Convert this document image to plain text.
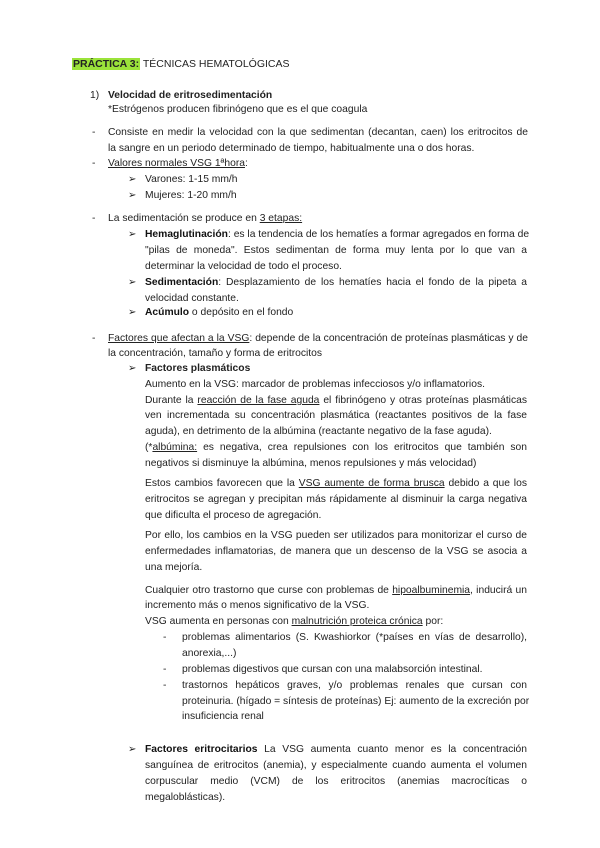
PRÁCTICA 3: TÉCNICAS HEMATOLÓGICAS
1) Velocidad de eritrosedimentación
*Estrógenos producen fibrinógeno que es el que coagula
- Consiste en medir la velocidad con la que sedimentan (decantan, caen) los eritrocitos de
la sangre en un periodo determinado de tiempo, habitualmente una o dos horas.
- Valores normales VSG 1ªhora:
➢ Varones: 1-15 mm/h
➢ Mujeres: 1-20 mm/h
- La sedimentación se produce en 3 etapas:
➢ Hemaglutinación: es la tendencia de los hematíes a formar agregados en forma de
"pilas de moneda". Estos sedimentan de forma muy lenta por lo que van a
determinar la velocidad de todo el proceso.
➢ Sedimentación: Desplazamiento de los hematíes hacia el fondo de la pipeta a
velocidad constante.
➢ Acúmulo o depósito en el fondo
- Factores que afectan a la VSG: depende de la concentración de proteínas plasmáticas y de
la concentración, tamaño y forma de eritrocitos
➢ Factores plasmáticos
Aumento en la VSG: marcador de problemas infecciosos y/o inflamatorios.
Durante la reacción de la fase aguda el fibrinógeno y otras proteínas plasmáticas
ven incrementada su concentración plasmática (reactantes positivos de la fase
aguda), en detrimento de la albúmina (reactante negativo de la fase aguda).
(*albúmina: es negativa, crea repulsiones con los eritrocitos que también son
negativos si disminuye la albúmina, menos repulsiones y más velocidad)
Estos cambios favorecen que la VSG aumente de forma brusca debido a que los
eritrocitos se agregan y precipitan más rápidamente al disminuir la carga negativa
que dificulta el proceso de agregación.
Por ello, los cambios en la VSG pueden ser utilizados para monitorizar el curso de
enfermedades inflamatorias, de manera que un descenso de la VSG se asocia a
una mejoría.
Cualquier otro trastorno que curse con problemas de hipoalbuminemia, inducirá un
incremento más o menos significativo de la VSG.
VSG aumenta en personas con malnutrición proteica crónica por:
- problemas alimentarios (S. Kwashiorkor (*países en vías de desarrollo),
anorexia,...)
- problemas digestivos que cursan con una malabsorción intestinal.
- trastornos hepáticos graves, y/o problemas renales que cursan con
proteinuria. (hígado = síntesis de proteínas) Ej: aumento de la excreción por
insuficiencia renal
➢ Factores eritrocitarios La VSG aumenta cuanto menor es la concentración
sanguínea de eritrocitos (anemia), y especialmente cuando aumenta el volumen
corpuscular medio (VCM) de los eritrocitos (anemias macrocíticas o
megaloblásticas).
